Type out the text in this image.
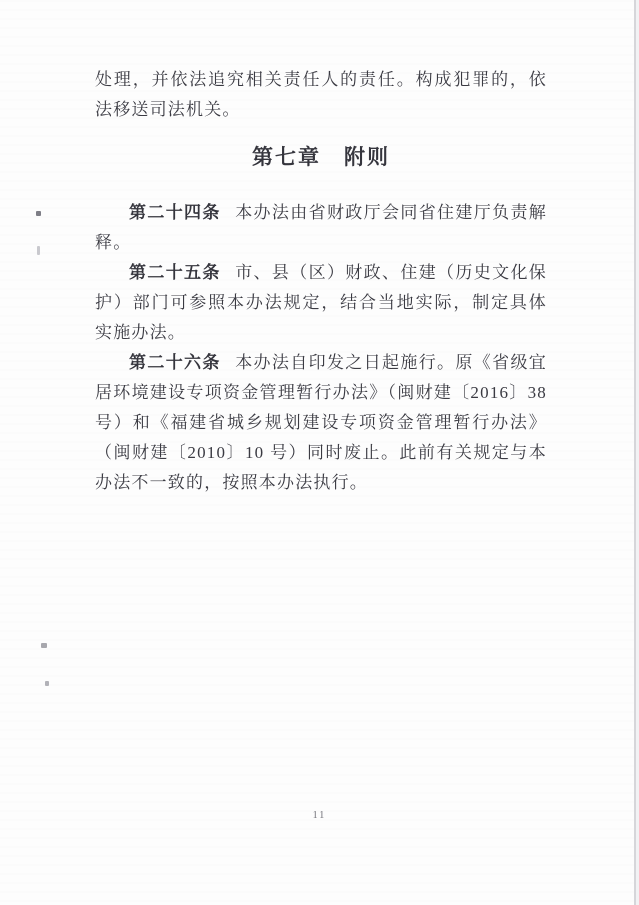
处理，并依法追究相关责任人的责任。构成犯罪的，依法移送司法机关。

第七章　附则

第二十四条 本办法由省财政厅会同省住建厅负责解释。

第二十五条 市、县（区）财政、住建（历史文化保护）部门可参照本办法规定，结合当地实际，制定具体实施办法。

第二十六条 本办法自印发之日起施行。原《省级宜居环境建设专项资金管理暂行办法》（闽财建〔2016〕38 号）和《福建省城乡规划建设专项资金管理暂行办法》（闽财建〔2010〕10 号）同时废止。此前有关规定与本办法不一致的，按照本办法执行。

11
